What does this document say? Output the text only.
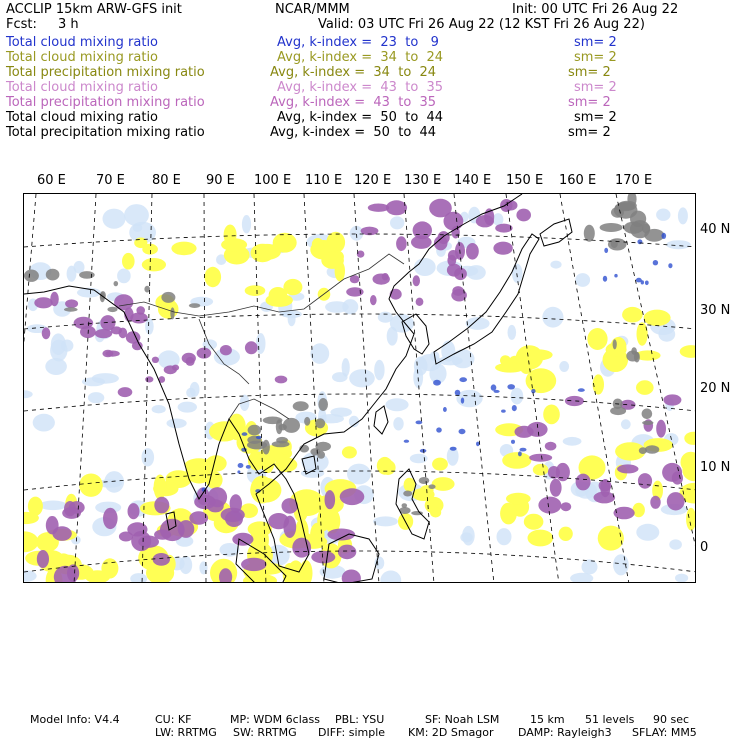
ACCLIP 15km ARW-GFS init	NCAR/MMM	Init: 00 UTC Fri 26 Aug 22
Fcst: 3 h	Valid: 03 UTC Fri 26 Aug 22 (12 KST Fri 26 Aug 22)
Total cloud mixing ratio	Avg, k-index =  23  to   9	sm= 2
Total cloud mixing ratio	Avg, k-index =  34  to  24	sm= 2
Total precipitation mixing ratio	Avg, k-index =  34  to  24	sm= 2
Total cloud mixing ratio	Avg, k-index =  43  to  35	sm= 2
Total precipitation mixing ratio	Avg, k-index =  43  to  35	sm= 2
Total cloud mixing ratio	Avg, k-index =  50  to  44	sm= 2
Total precipitation mixing ratio	Avg, k-index =  50  to  44	sm= 2
60 E 70 E 80 E 90 E 100 E 110 E 120 E 130 E 140 E 150 E 160 E 170 E
40 N
30 N
20 N
10 N
0
Model Info: V4.4	CU: KF	MP: WDM 6class PBL: YSU	SF: Noah LSM	15 km 51 levels 90 sec
LW: RRTMG SW: RRTMG DIFF: simple KM: 2D Smagor DAMP: Rayleigh3 SFLAY: MM5
